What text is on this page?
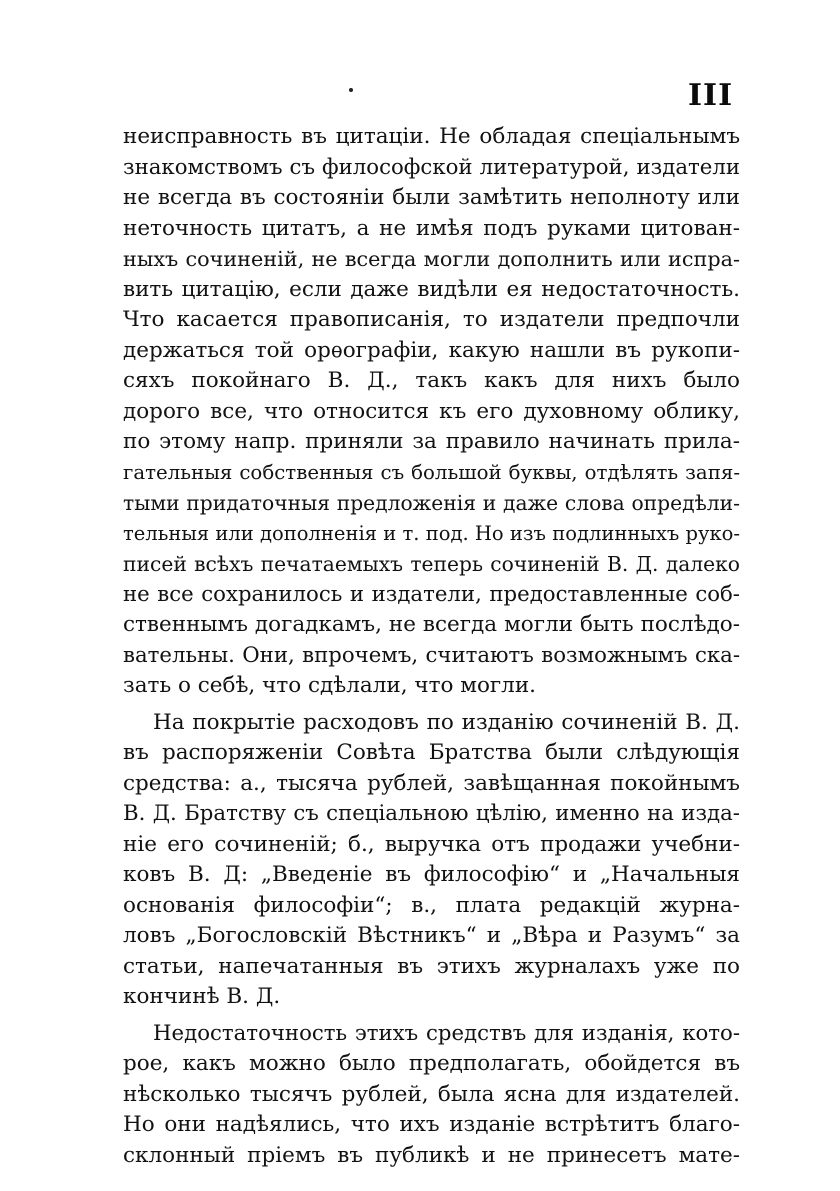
III
неисправность въ цитаціи. Не обладая спеціальнымъ
знакомствомъ съ философской литературой, издатели
не всегда въ состояніи были замѣтить неполноту или
неточность цитатъ, а не имѣя подъ руками цитован-
ныхъ сочиненій, не всегда могли дополнить или испра-
вить цитацію, если даже видѣли ея недостаточность.
Что касается правописанія, то издатели предпочли
держаться той орѳографіи, какую нашли въ рукопи-
сяхъ покойнаго В. Д., такъ какъ для нихъ было
дорого все, что относится къ его духовному облику,
по этому напр. приняли за правило начинать прила-
гательныя собственныя съ большой буквы, отдѣлять запя-
тыми придаточныя предложенія и даже слова опредѣли-
тельныя или дополненія и т. под. Но изъ подлинныхъ руко-
писей всѣхъ печатаемыхъ теперь сочиненій В. Д. далеко
не все сохранилось и издатели, предоставленные соб-
ственнымъ догадкамъ, не всегда могли быть послѣдо-
вательны. Они, впрочемъ, считаютъ возможнымъ ска-
зать о себѣ, что сдѣлали, что могли.
На покрытіе расходовъ по изданію сочиненій В. Д.
въ распоряженіи Совѣта Братства были слѣдующія
средства: а., тысяча рублей, завѣщанная покойнымъ
В. Д. Братству съ спеціальною цѣлію, именно на изда-
ніе его сочиненій; б., выручка отъ продажи учебни-
ковъ В. Д: „Введеніе въ философію“ и „Начальныя
основанія философіи“; в., плата редакцій журна-
ловъ „Богословскій Вѣстникъ“ и „Вѣра и Разумъ“ за
статьи, напечатанныя въ этихъ журналахъ уже по
кончинѣ В. Д.
Недостаточность этихъ средствъ для изданія, кото-
рое, какъ можно было предполагать, обойдется въ
нѣсколько тысячъ рублей, была ясна для издателей.
Но они надѣялись, что ихъ изданіе встрѣтитъ благо-
склонный пріемъ въ публикѣ и не принесетъ мате-
